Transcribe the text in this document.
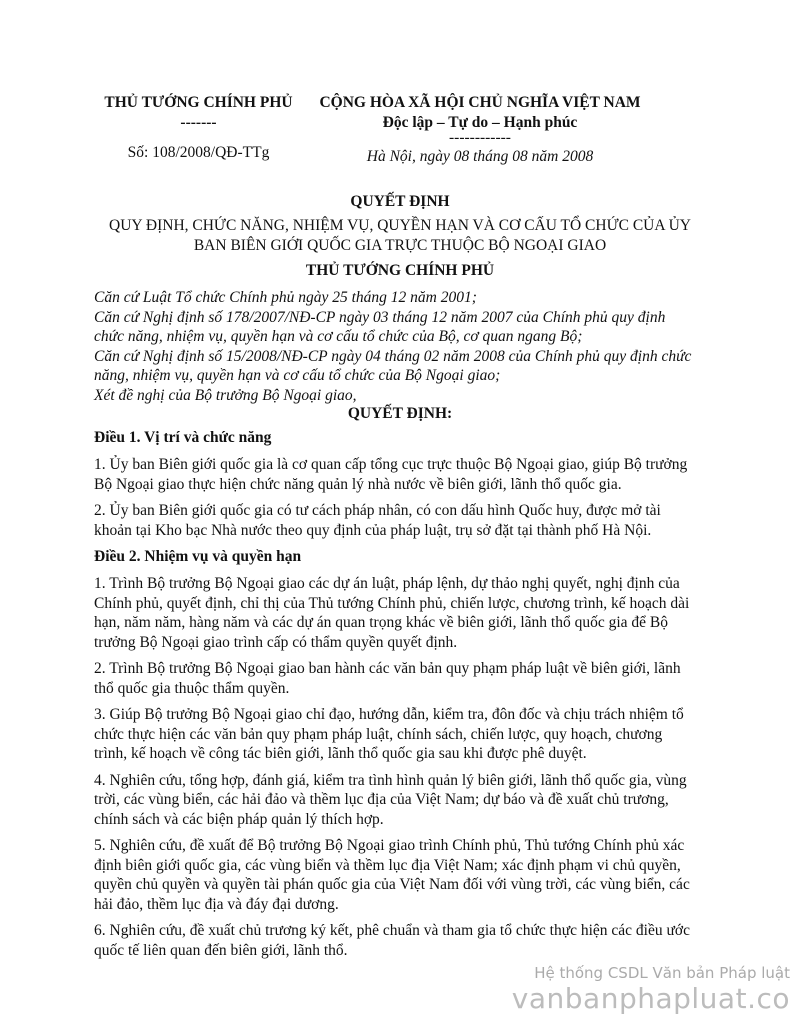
THỦ TƯỚNG CHÍNH PHỦ
-------
Số: 108/2008/QĐ-TTg
CỘNG HÒA XÃ HỘI CHỦ NGHĨA VIỆT NAM
Độc lập – Tự do – Hạnh phúc
------------
Hà Nội, ngày 08 tháng 08 năm 2008
QUYẾT ĐỊNH
QUY ĐỊNH, CHỨC NĂNG, NHIỆM VỤ, QUYỀN HẠN VÀ CƠ CẤU TỔ CHỨC CỦA ỦY
BAN BIÊN GIỚI QUỐC GIA TRỰC THUỘC BỘ NGOẠI GIAO
THỦ TƯỚNG CHÍNH PHỦ
Căn cứ Luật Tổ chức Chính phủ ngày 25 tháng 12 năm 2001;
Căn cứ Nghị định số 178/2007/NĐ-CP ngày 03 tháng 12 năm 2007 của Chính phủ quy định
chức năng, nhiệm vụ, quyền hạn và cơ cấu tổ chức của Bộ, cơ quan ngang Bộ;
Căn cứ Nghị định số 15/2008/NĐ-CP ngày 04 tháng 02 năm 2008 của Chính phủ quy định chức
năng, nhiệm vụ, quyền hạn và cơ cấu tổ chức của Bộ Ngoại giao;
Xét đề nghị của Bộ trưởng Bộ Ngoại giao,
QUYẾT ĐỊNH:
Điều 1. Vị trí và chức năng
1. Ủy ban Biên giới quốc gia là cơ quan cấp tổng cục trực thuộc Bộ Ngoại giao, giúp Bộ trưởng
Bộ Ngoại giao thực hiện chức năng quản lý nhà nước về biên giới, lãnh thổ quốc gia.
2. Ủy ban Biên giới quốc gia có tư cách pháp nhân, có con dấu hình Quốc huy, được mở tài
khoản tại Kho bạc Nhà nước theo quy định của pháp luật, trụ sở đặt tại thành phố Hà Nội.
Điều 2. Nhiệm vụ và quyền hạn
1. Trình Bộ trưởng Bộ Ngoại giao các dự án luật, pháp lệnh, dự thảo nghị quyết, nghị định của
Chính phủ, quyết định, chỉ thị của Thủ tướng Chính phủ, chiến lược, chương trình, kế hoạch dài
hạn, năm năm, hàng năm và các dự án quan trọng khác về biên giới, lãnh thổ quốc gia để Bộ
trưởng Bộ Ngoại giao trình cấp có thẩm quyền quyết định.
2. Trình Bộ trưởng Bộ Ngoại giao ban hành các văn bản quy phạm pháp luật về biên giới, lãnh
thổ quốc gia thuộc thẩm quyền.
3. Giúp Bộ trưởng Bộ Ngoại giao chỉ đạo, hướng dẫn, kiểm tra, đôn đốc và chịu trách nhiệm tổ
chức thực hiện các văn bản quy phạm pháp luật, chính sách, chiến lược, quy hoạch, chương
trình, kế hoạch về công tác biên giới, lãnh thổ quốc gia sau khi được phê duyệt.
4. Nghiên cứu, tổng hợp, đánh giá, kiểm tra tình hình quản lý biên giới, lãnh thổ quốc gia, vùng
trời, các vùng biển, các hải đảo và thềm lục địa của Việt Nam; dự báo và đề xuất chủ trương,
chính sách và các biện pháp quản lý thích hợp.
5. Nghiên cứu, đề xuất để Bộ trưởng Bộ Ngoại giao trình Chính phủ, Thủ tướng Chính phủ xác
định biên giới quốc gia, các vùng biển và thềm lục địa Việt Nam; xác định phạm vi chủ quyền,
quyền chủ quyền và quyền tài phán quốc gia của Việt Nam đối với vùng trời, các vùng biển, các
hải đảo, thềm lục địa và đáy đại dương.
6. Nghiên cứu, đề xuất chủ trương ký kết, phê chuẩn và tham gia tổ chức thực hiện các điều ước
quốc tế liên quan đến biên giới, lãnh thổ.
Hệ thống CSDL Văn bản Pháp luật
vanbanphapluat.co
